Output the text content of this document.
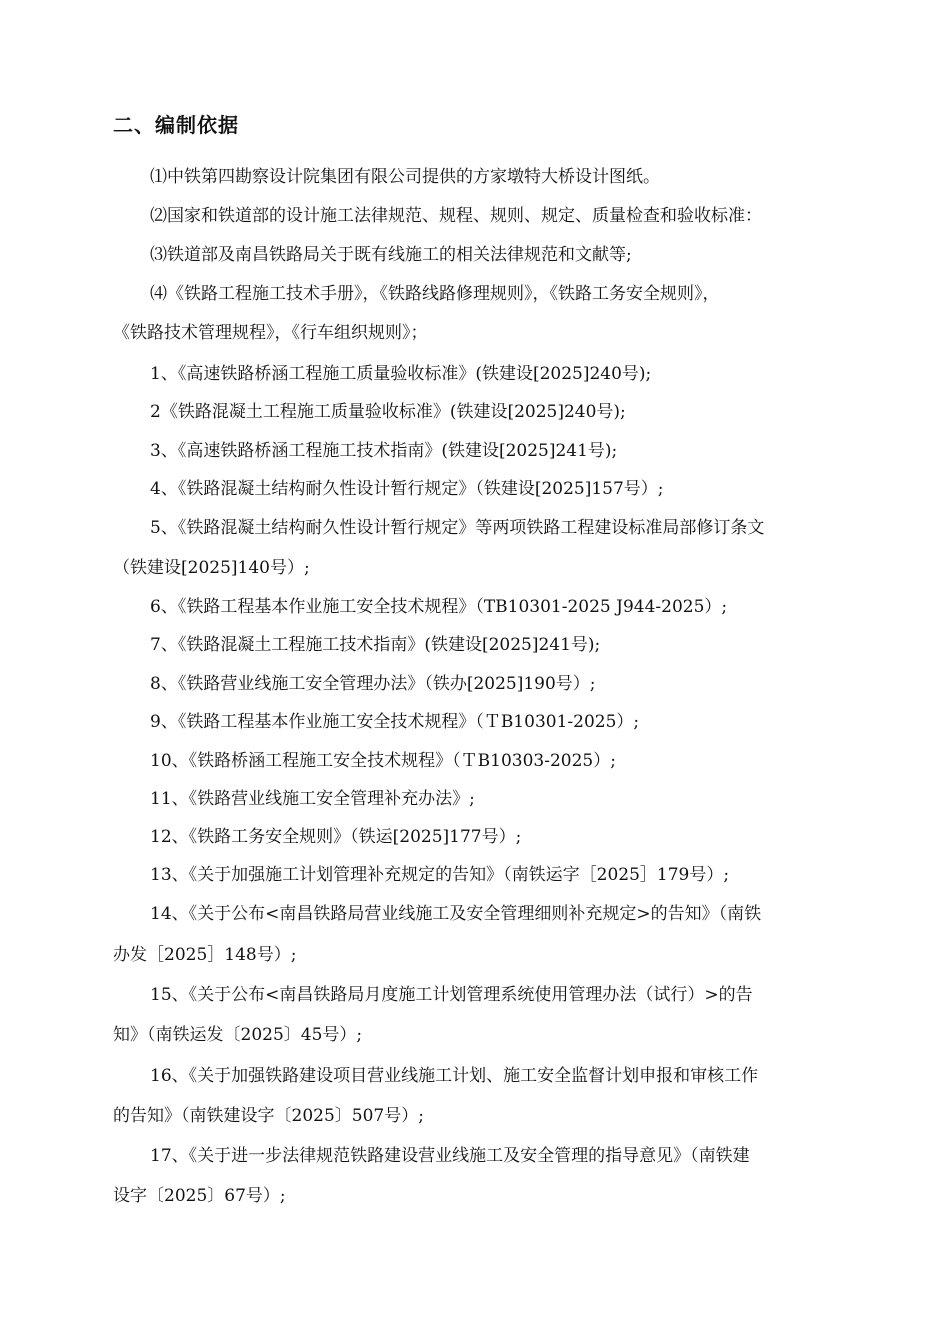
二、编制依据

⑴中铁第四勘察设计院集团有限公司提供的方家墩特大桥设计图纸。

⑵国家和铁道部的设计施工法律规范、规程、规则、规定、质量检查和验收标准：

⑶铁道部及南昌铁路局关于既有线施工的相关法律规范和文献等;

⑷《铁路工程施工技术手册》，《铁路线路修理规则》，《铁路工务安全规则》，

《铁路技术管理规程》，《行车组织规则》；

1、《高速铁路桥涵工程施工质量验收标准》(铁建设[2025]240号);

2《铁路混凝土工程施工质量验收标准》(铁建设[2025]240号);

3、《高速铁路桥涵工程施工技术指南》(铁建设[2025]241号);

4、《铁路混凝土结构耐久性设计暂行规定》（铁建设[2025]157号）;

5、《铁路混凝土结构耐久性设计暂行规定》等两项铁路工程建设标准局部修订条文

（铁建设[2025]140号）;

6、《铁路工程基本作业施工安全技术规程》（TB10301-2025 J944-2025）;

7、《铁路混凝土工程施工技术指南》(铁建设[2025]241号);

8、《铁路营业线施工安全管理办法》（铁办[2025]190号）;

9、《铁路工程基本作业施工安全技术规程》（ＴB10301-2025）;

10、《铁路桥涵工程施工安全技术规程》（ＴB10303-2025）;

11、《铁路营业线施工安全管理补充办法》;

12、《铁路工务安全规则》（铁运[2025]177号）;

13、《关于加强施工计划管理补充规定的告知》（南铁运字［2025］179号）;

14、《关于公布<南昌铁路局营业线施工及安全管理细则补充规定>的告知》（南铁

办发［2025］148号）;

15、《关于公布<南昌铁路局月度施工计划管理系统使用管理办法（试行）>的告

知》（南铁运发〔2025〕45号）;

16、《关于加强铁路建设项目营业线施工计划、施工安全监督计划申报和审核工作

的告知》（南铁建设字〔2025〕507号）;

17、《关于进一步法律规范铁路建设营业线施工及安全管理的指导意见》（南铁建

设字〔2025〕67号）;
